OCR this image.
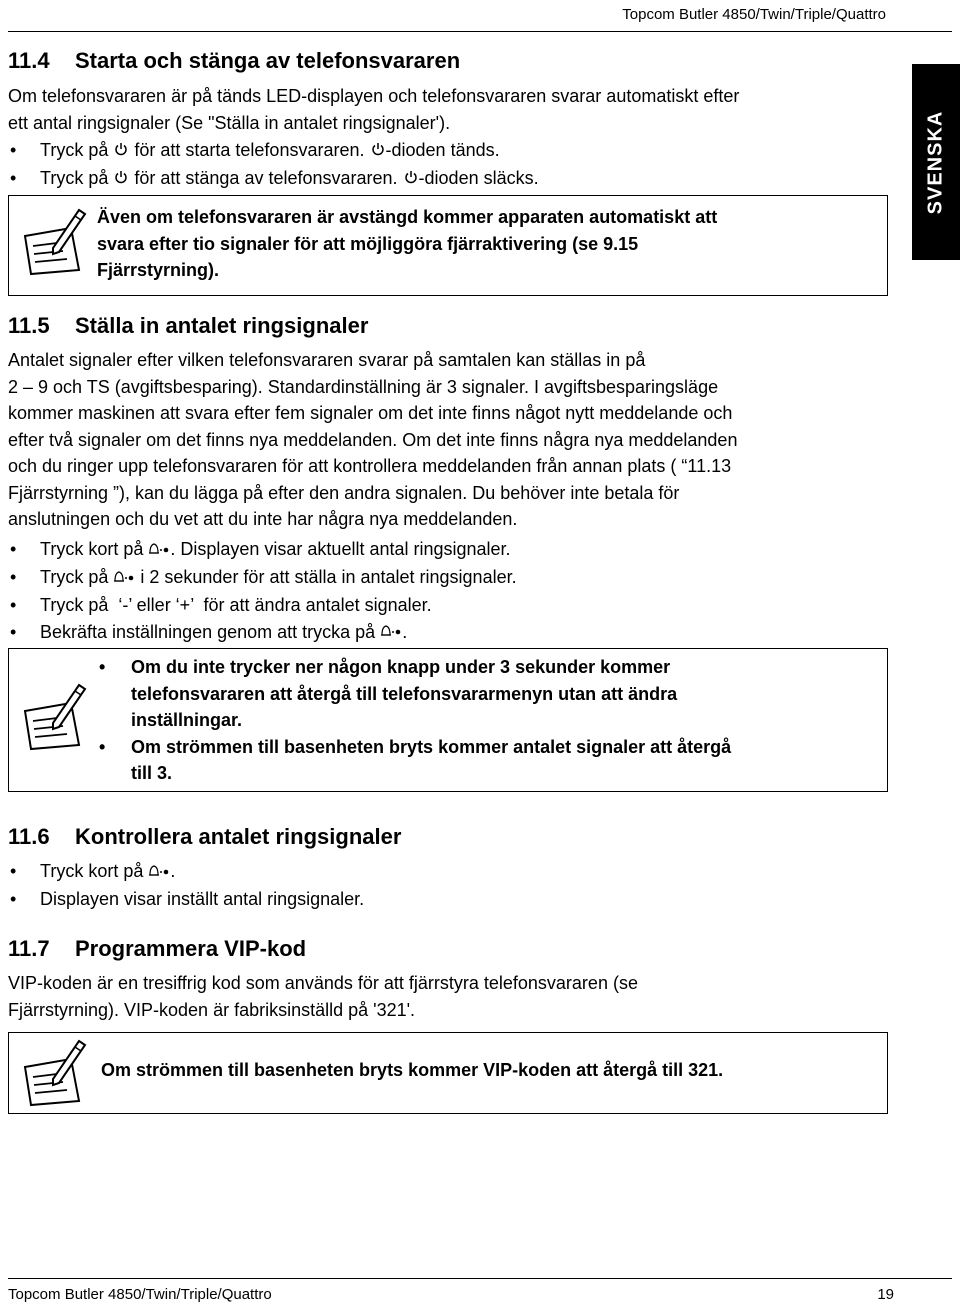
Topcom Butler 4850/Twin/Triple/Quattro
SVENSKA
11.4 Starta och stänga av telefonsvararen
Om telefonsvararen är på tänds LED-displayen och telefonsvararen svarar automatiskt efter
ett antal ringsignaler (Se "Ställa in antalet ringsignaler').
• Tryck på för att starta telefonsvararen. -dioden tänds.
• Tryck på för att stänga av telefonsvararen. -dioden släcks.
Även om telefonsvararen är avstängd kommer apparaten automatiskt att
svara efter tio signaler för att möjliggöra fjärraktivering (se 9.15
Fjärrstyrning).
11.5 Ställa in antalet ringsignaler
Antalet signaler efter vilken telefonsvararen svarar på samtalen kan ställas in på
2 – 9 och TS (avgiftsbesparing). Standardinställning är 3 signaler. I avgiftsbesparingsläge
kommer maskinen att svara efter fem signaler om det inte finns något nytt meddelande och
efter två signaler om det finns nya meddelanden. Om det inte finns några nya meddelanden
och du ringer upp telefonsvararen för att kontrollera meddelanden från annan plats ( “11.13
Fjärrstyrning ”), kan du lägga på efter den andra signalen. Du behöver inte betala för
anslutningen och du vet att du inte har några nya meddelanden.
• Tryck kort på . Displayen visar aktuellt antal ringsignaler.
• Tryck på i 2 sekunder för att ställa in antalet ringsignaler.
• Tryck på  ‘-’ eller ‘+’  för att ändra antalet signaler.
• Bekräfta inställningen genom att trycka på .
• Om du inte trycker ner någon knapp under 3 sekunder kommer
telefonsvararen att återgå till telefonsvararmenyn utan att ändra
inställningar.
• Om strömmen till basenheten bryts kommer antalet signaler att återgå
till 3.
11.6 Kontrollera antalet ringsignaler
• Tryck kort på .
• Displayen visar inställt antal ringsignaler.
11.7 Programmera VIP-kod
VIP-koden är en tresiffrig kod som används för att fjärrstyra telefonsvararen (se
Fjärrstyrning). VIP-koden är fabriksinställd på '321'.
Om strömmen till basenheten bryts kommer VIP-koden att återgå till 321.
Topcom Butler 4850/Twin/Triple/Quattro	19
